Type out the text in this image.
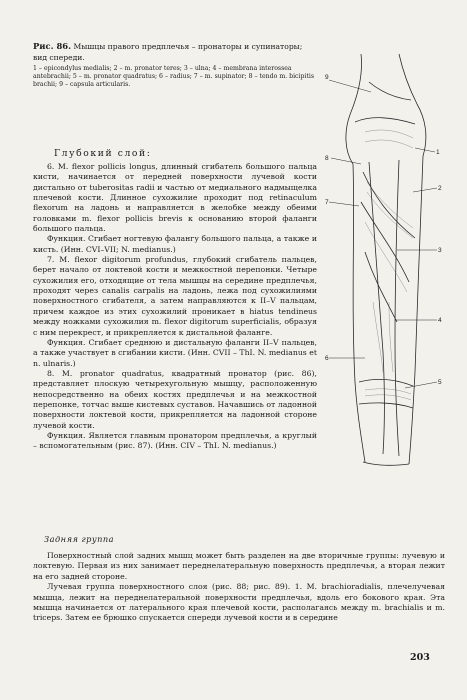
Рис. 86. Мышцы правого предплечья – пронаторы и супинаторы; вид спереди.
1 – epicondylus medialis; 2 – m. pronator teres; 3 – ulna; 4 – membrana interossea antebrachii; 5 – m. pronator quadratus; 6 – radius; 7 – m. supinator; 8 – tendo m. bicipitis brachii; 9 – capsula articularis.
9
8
7
6
1
2
3
4
5
Глубокий слой:

6. M. flexor pollicis longus, длинный сгибатель большого пальца кисти, начинается от передней поверхности лучевой кости дистально от tuberositas radii и частью от медиального надмыщелка плечевой кости. Длинное сухожилие проходит под retinaculum flexorum на ладонь и направляется в желобке между обеими головками m. flexor pollicis brevis к основанию второй фаланги большого пальца.

Функция. Сгибает ногтевую фалангу большого пальца, а также и кисть. (Инн. CVI–VII; N. medianus.)

7. M. flexor digitorum profundus, глубокий сгибатель пальцев, берет начало от локтевой кости и межкостной перепонки. Четыре сухожилия его, отходящие от тела мышцы на середине предплечья, проходят через canalis carpalis на ладонь, лежа под сухожилиями поверхностного сгибателя, а затем направляются к II–V пальцам, причем каждое из этих сухожилий проникает в hiatus tendineus между ножками сухожилия m. flexor digitorum superficialis, образуя с ним перекрест, и прикрепляется к дистальной фаланге.

Функция. Сгибает среднюю и дистальную фаланги II–V пальцев, а также участвует в сгибании кисти. (Инн. CVII – ThI. N. medianus et n. ulnaris.)

8. M. pronator quadratus, квадратный пронатор (рис. 86), представляет плоскую четырехугольную мышцу, расположенную непосредственно на обеих костях предплечья и на межкостной перепонке, тотчас выше кистевых суставов. Начавшись от ладонной поверхности локтевой кости, прикрепляется на ладонной стороне лучевой кости.

Функция. Является главным пронатором предплечья, а круглый – вспомогательным (рис. 87). (Инн. CIV – ThI. N. medianus.)

Задняя группа

Поверхностный слой задних мышц может быть разделен на две вторичные группы: лучевую и локтевую. Первая из них занимает переднелатеральную поверхность предплечья, а вторая лежит на его задней стороне.

Лучевая группа поверхностного слоя (рис. 88; рис. 89). 1. M. brachioradialis, плечелучевая мышца, лежит на переднелатеральной поверхности предплечья, вдоль его бокового края. Эта мышца начинается от латерального края плечевой кости, располагаясь между m. brachialis и m. triceps. Затем ее брюшко спускается спереди лучевой кости и в середине

203
